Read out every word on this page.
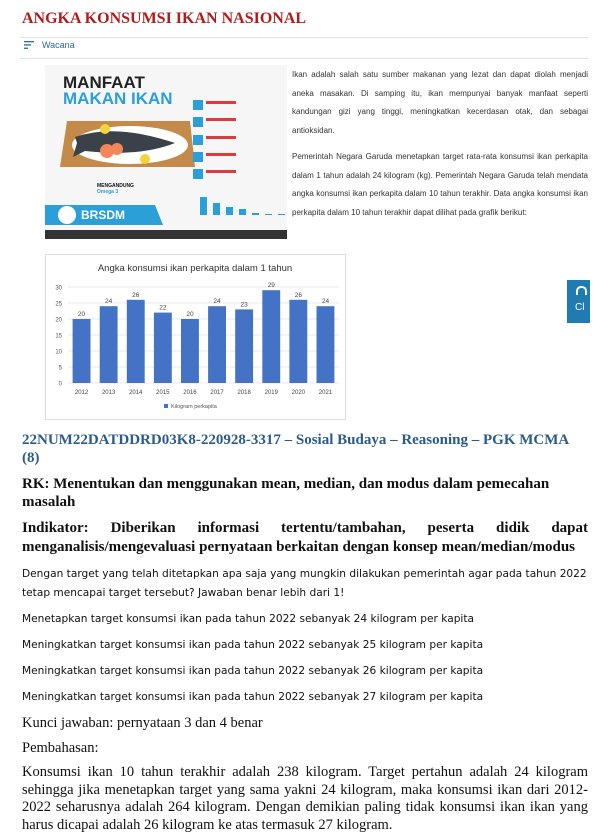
ANGKA KONSUMSI IKAN NASIONAL
Wacana
MANFAAT
MAKAN IKAN
MENGANDUNG
Omega 3
BRSDM

Ikan adalah salah satu sumber makanan yang lezat dan dapat diolah menjadi aneka masakan. Di samping itu, ikan mempunyai banyak manfaat seperti kandungan gizi yang tinggi, meningkatkan kecerdasan otak, dan sebagai antioksidan.

Pemerintah Negara Garuda menetapkan target rata-rata konsumsi ikan perkapita dalam 1 tahun adalah 24 kilogram (kg). Pemerintah Negara Garuda telah mendata angka konsumsi ikan perkapita dalam 10 tahun terakhir. Data angka konsumsi ikan perkapita dalam 10 tahun terakhir dapat dilihat pada grafik berikut:

Angka konsumsi ikan perkapita dalam 1 tahun
0
5
10
15
20
25
30
20
2012
24
2013
26
2014
22
2015
20
2016
24
2017
23
2018
29
2019
26
2020
24
2021
Kilogram perkapita
Cl
22NUM22DATDDRD03K8-220928-3317 – Sosial Budaya – Reasoning – PGK MCMA (8)
RK: Menentukan dan menggunakan mean, median, dan modus dalam pemecahan masalah
Indikator: Diberikan informasi tertentu/tambahan, peserta didik dapat menganalisis/mengevaluasi pernyataan berkaitan dengan konsep mean/median/modus
Dengan target yang telah ditetapkan apa saja yang mungkin dilakukan pemerintah agar pada tahun 2022 tetap mencapai target tersebut? Jawaban benar lebih dari 1!
Menetapkan target konsumsi ikan pada tahun 2022 sebanyak 24 kilogram per kapita
Meningkatkan target konsumsi ikan pada tahun 2022 sebanyak 25 kilogram per kapita
Meningkatkan target konsumsi ikan pada tahun 2022 sebanyak 26 kilogram per kapita
Meningkatkan target konsumsi ikan pada tahun 2022 sebanyak 27 kilogram per kapita
Kunci jawaban: pernyataan 3 dan 4 benar
Pembahasan:
Konsumsi ikan 10 tahun terakhir adalah 238 kilogram. Target pertahun adalah 24 kilogram sehingga jika menetapkan target yang sama yakni 24 kilogram, maka konsumsi ikan dari 2012-2022 seharusnya adalah 264 kilogram. Dengan demikian paling tidak konsumsi ikan ikan yang harus dicapai adalah 26 kilogram ke atas termasuk 27 kilogram.
